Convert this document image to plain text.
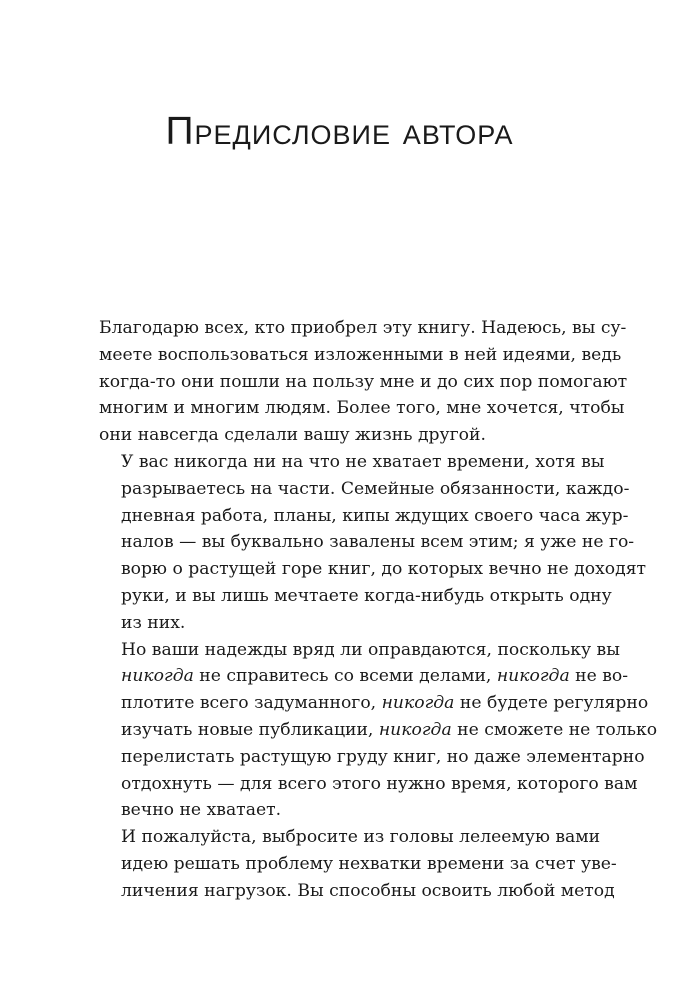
Предисловие автора

Благодарю всех, кто приобрел эту книгу. Надеюсь, вы су-
меете воспользоваться изложенными в ней идеями, ведь
когда-то они пошли на пользу мне и до сих пор помогают
многим и многим людям. Более того, мне хочется, чтобы
они навсегда сделали вашу жизнь другой.

У вас никогда ни на что не хватает времени, хотя вы
разрываетесь на части. Семейные обязанности, каждо-
дневная работа, планы, кипы ждущих своего часа жур-
налов — вы буквально завалены всем этим; я уже не го-
ворю о растущей горе книг, до которых вечно не доходят
руки, и вы лишь мечтаете когда-нибудь открыть одну
из них.

Но ваши надежды вряд ли оправдаются, поскольку вы
никогда не справитесь со всеми делами, никогда не во-
плотите всего задуманного, никогда не будете регулярно
изучать новые публикации, никогда не сможете не только
перелистать растущую груду книг, но даже элементарно
отдохнуть — для всего этого нужно время, которого вам
вечно не хватает.

И пожалуйста, выбросите из головы лелеемую вами
идею решать проблему нехватки времени за счет уве-
личения нагрузок. Вы способны освоить любой метод
